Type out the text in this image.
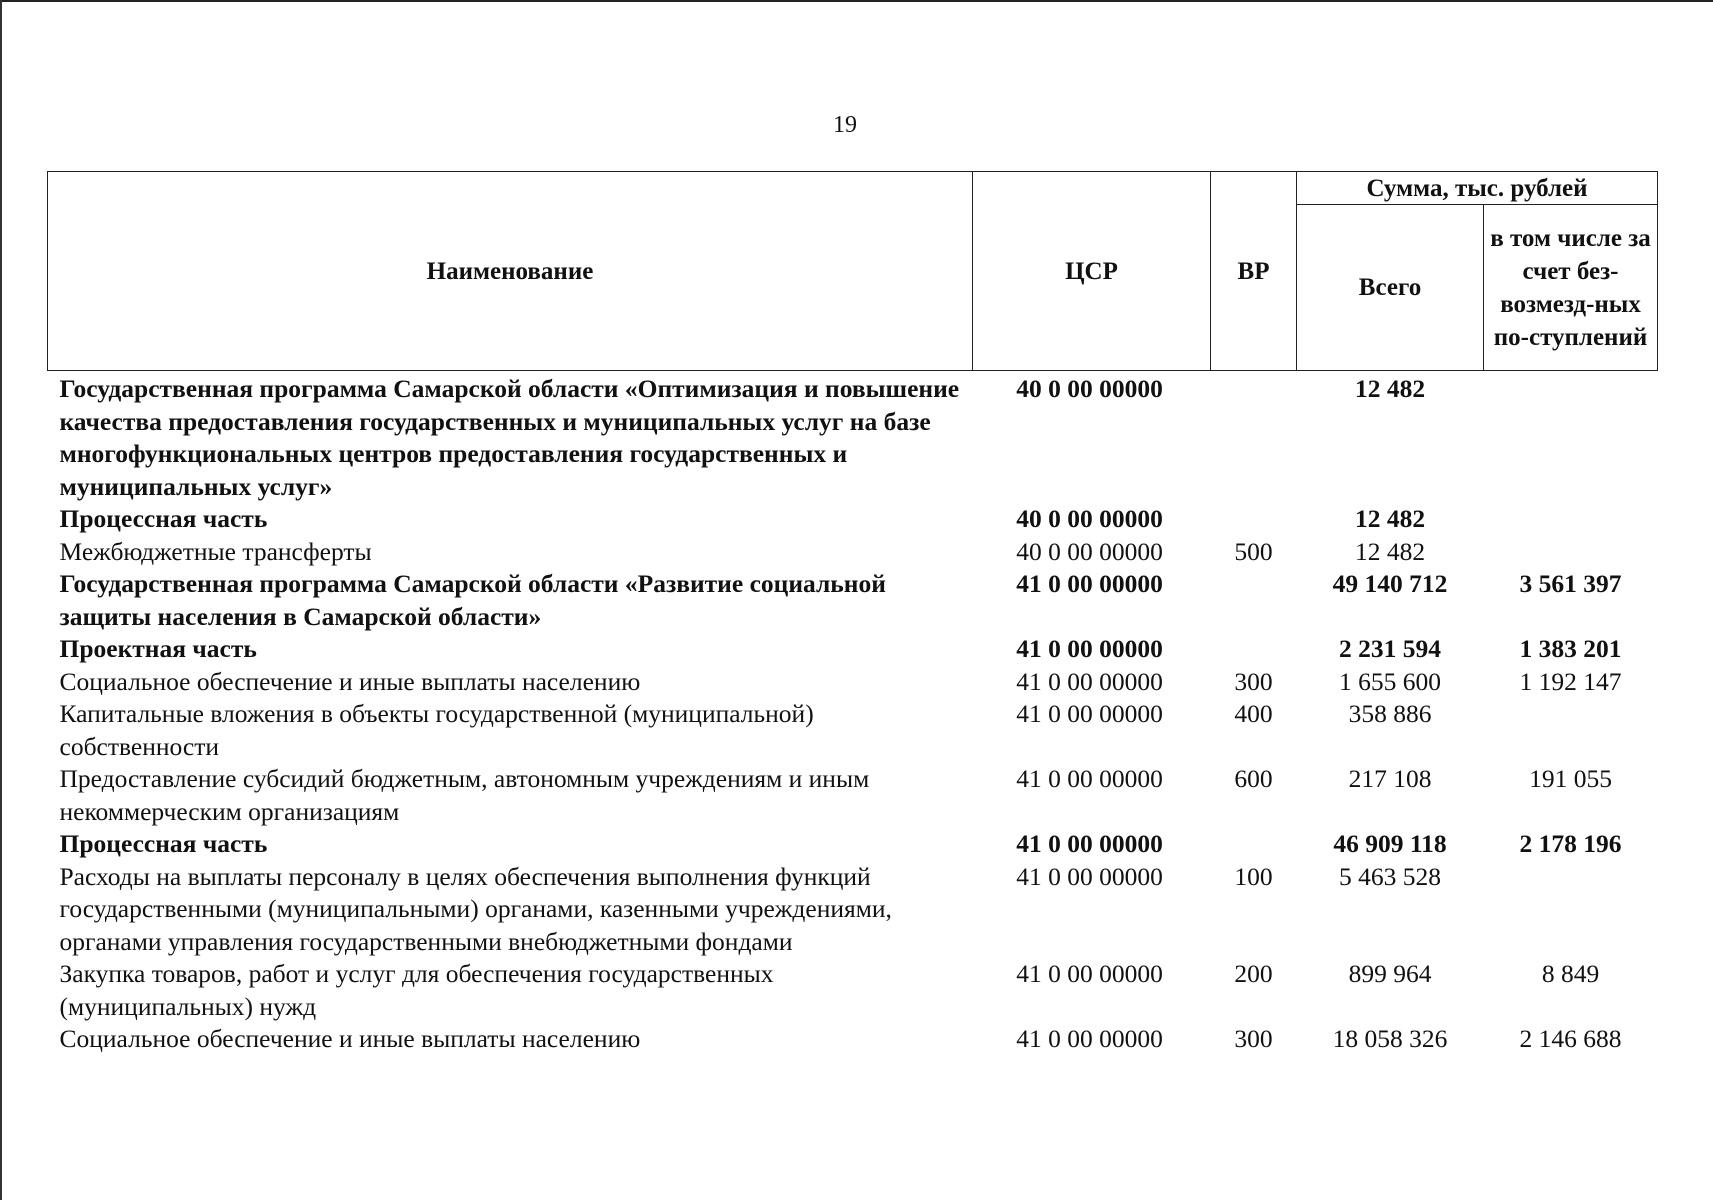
19
Наименование	ЦСР	ВР	Сумма, тыс. рублей	
			Всего	в том числе за счет без-возмезд-ных по-ступлений
Государственная программа Самарской области «Оптимизация и повышение качества предоставления государственных и муниципальных услуг на базе многофункциональных центров предоставления государственных и муниципальных услуг»	40 0 00 00000		12 482	
Процессная часть	40 0 00 00000		12 482	
Межбюджетные трансферты	40 0 00 00000	500	12 482	
Государственная программа Самарской области «Развитие социальной защиты населения в Самарской области»	41 0 00 00000		49 140 712	3 561 397
Проектная часть	41 0 00 00000		2 231 594	1 383 201
Социальное обеспечение и иные выплаты населению	41 0 00 00000	300	1 655 600	1 192 147
Капитальные вложения в объекты государственной (муниципальной) собственности	41 0 00 00000	400	358 886	
Предоставление субсидий бюджетным, автономным учреждениям и иным некоммерческим организациям	41 0 00 00000	600	217 108	191 055
Процессная часть	41 0 00 00000		46 909 118	2 178 196
Расходы на выплаты персоналу в целях обеспечения выполнения функций государственными (муниципальными) органами, казенными учреждениями, органами управления государственными внебюджетными фондами	41 0 00 00000	100	5 463 528	
Закупка товаров, работ и услуг для обеспечения государственных (муниципальных) нужд	41 0 00 00000	200	899 964	8 849
Социальное обеспечение и иные выплаты населению	41 0 00 00000	300	18 058 326	2 146 688
